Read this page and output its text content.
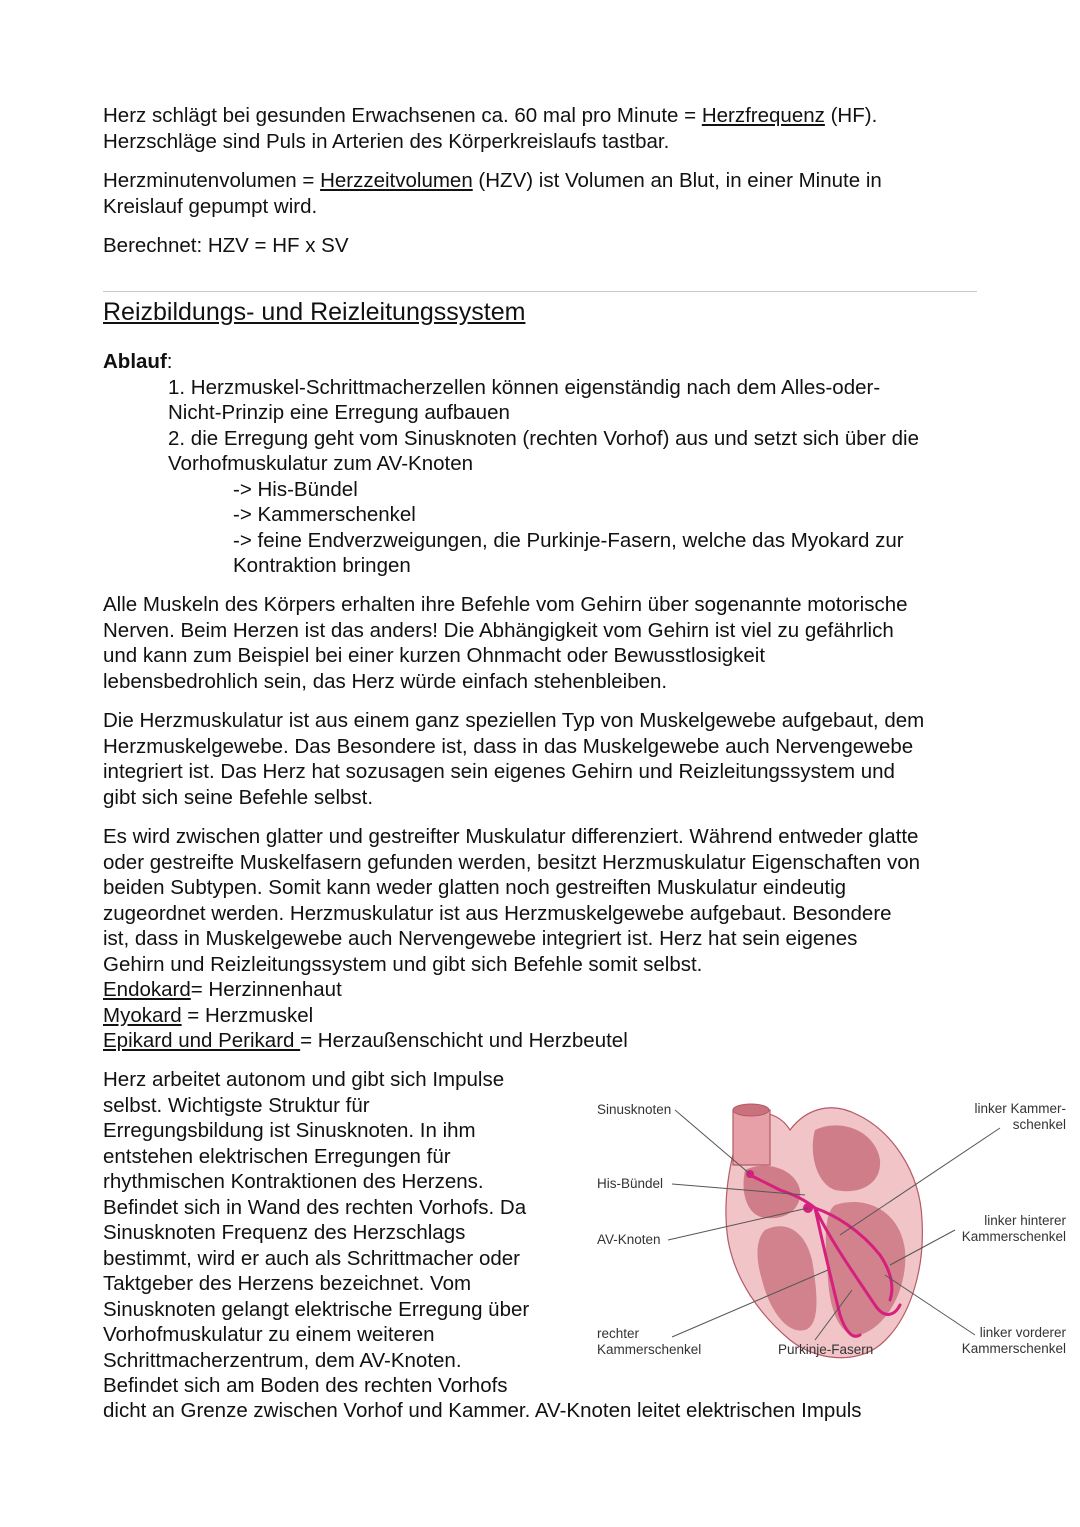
Herz schlägt bei gesunden Erwachsenen ca. 60 mal pro Minute = Herzfrequenz (HF).

Herzschläge sind Puls in Arterien des Körperkreislaufs tastbar.

Herzminutenvolumen = Herzzeitvolumen (HZV) ist Volumen an Blut, in einer Minute in

Kreislauf gepumpt wird.

Berechnet: HZV = HF x SV

Reizbildungs- und Reizleitungssystem

Ablauf:

1. Herzmuskel-Schrittmacherzellen können eigenständig nach dem Alles-oder-

Nicht-Prinzip eine Erregung aufbauen

2. die Erregung geht vom Sinusknoten (rechten Vorhof) aus und setzt sich über die

Vorhofmuskulatur zum AV-Knoten

-> His-Bündel

-> Kammerschenkel

-> feine Endverzweigungen, die Purkinje-Fasern, welche das Myokard zur

Kontraktion bringen

Alle Muskeln des Körpers erhalten ihre Befehle vom Gehirn über sogenannte motorische

Nerven. Beim Herzen ist das anders! Die Abhängigkeit vom Gehirn ist viel zu gefährlich

und kann zum Beispiel bei einer kurzen Ohnmacht oder Bewusstlosigkeit

lebensbedrohlich sein, das Herz würde einfach stehenbleiben.

Die Herzmuskulatur ist aus einem ganz speziellen Typ von Muskelgewebe aufgebaut, dem

Herzmuskelgewebe. Das Besondere ist, dass in das Muskelgewebe auch Nervengewebe

integriert ist. Das Herz hat sozusagen sein eigenes Gehirn und Reizleitungssystem und

gibt sich seine Befehle selbst.

Es wird zwischen glatter und gestreifter Muskulatur differenziert. Während entweder glatte

oder gestreifte Muskelfasern gefunden werden, besitzt Herzmuskulatur Eigenschaften von

beiden Subtypen. Somit kann weder glatten noch gestreiften Muskulatur eindeutig

zugeordnet werden. Herzmuskulatur ist aus Herzmuskelgewebe aufgebaut. Besondere

ist, dass in Muskelgewebe auch Nervengewebe integriert ist. Herz hat sein eigenes

Gehirn und Reizleitungssystem und gibt sich Befehle somit selbst.

Endokard= Herzinnenhaut

Myokard = Herzmuskel

Epikard und Perikard = Herzaußenschicht und Herzbeutel

Herz arbeitet autonom und gibt sich Impulse

selbst. Wichtigste Struktur für

Erregungsbildung ist Sinusknoten. In ihm

entstehen elektrischen Erregungen für

rhythmischen Kontraktionen des Herzens.

Befindet sich in Wand des rechten Vorhofs. Da

Sinusknoten Frequenz des Herzschlags

bestimmt, wird er auch als Schrittmacher oder

Taktgeber des Herzens bezeichnet. Vom

Sinusknoten gelangt elektrische Erregung über

Vorhofmuskulatur zu einem weiteren

Schrittmacherzentrum, dem AV-Knoten.

Befindet sich am Boden des rechten Vorhofs

dicht an Grenze zwischen Vorhof und Kammer. AV-Knoten leitet elektrischen Impuls

Sinusknoten
His-Bündel
AV-Knoten
rechter
Kammerschenkel	Purkinje-Fasern
linker Kammer-
schenkel
linker hinterer
Kammerschenkel
linker vorderer
Kammerschenkel
